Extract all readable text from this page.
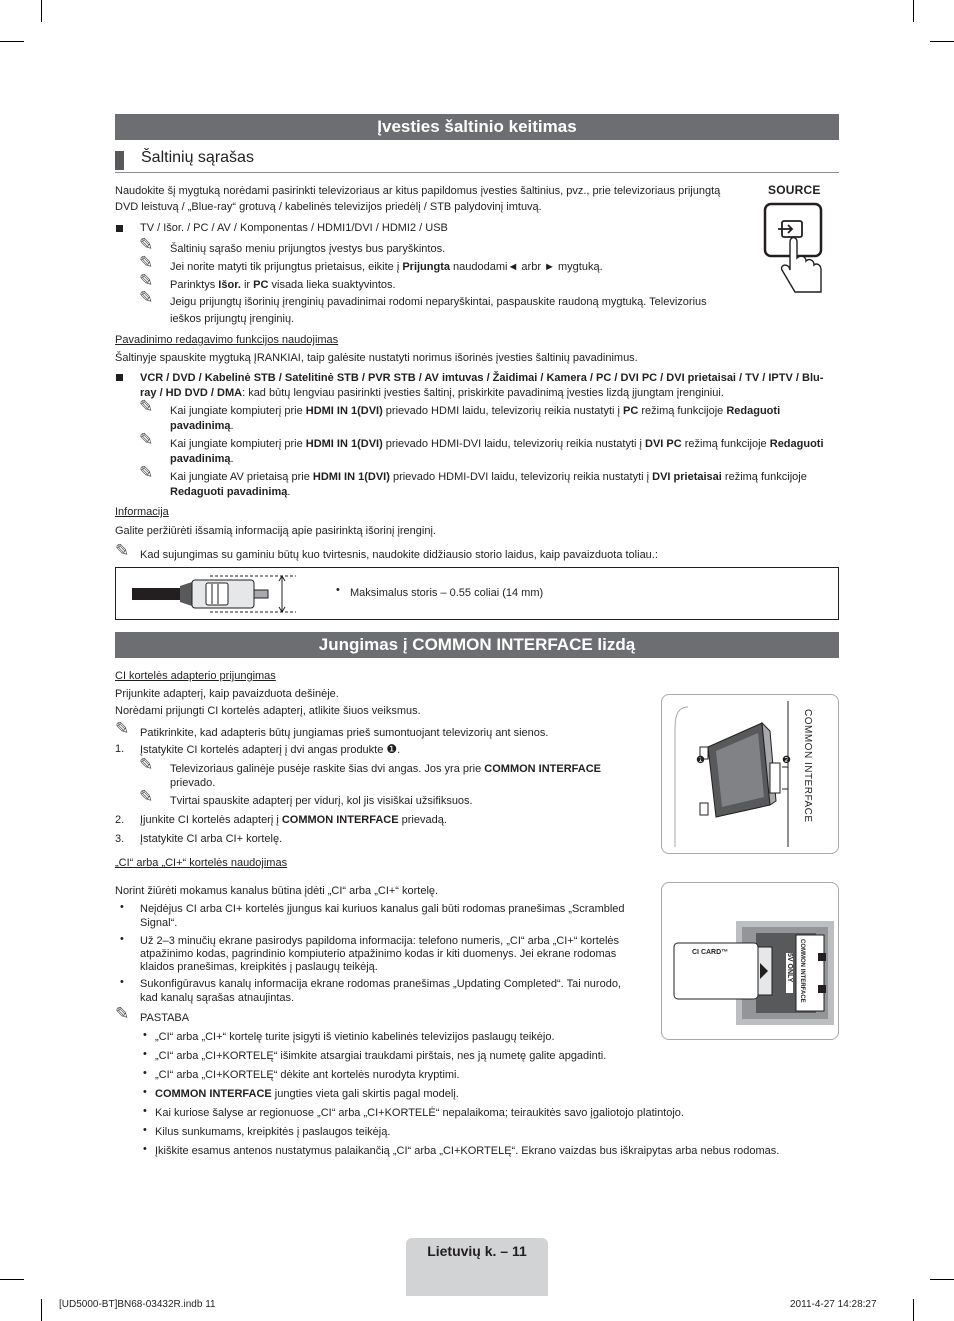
Įvesties šaltinio keitimas
Šaltinių sąrašas
Naudokite šį mygtuką norėdami pasirinkti televizoriaus ar kitus papildomus įvesties šaltinius, pvz., prie televizoriaus prijungtą
DVD leistuvą / „Blue-ray“ grotuvą / kabelinės televizijos priedėlį / STB palydovinį imtuvą.
SOURCE
TV / Išor. / PC / AV / Komponentas / HDMI1/DVI / HDMI2 / USB
✎ Šaltinių sąrašo meniu prijungtos įvestys bus paryškintos.
✎ Jei norite matyti tik prijungtus prietaisus, eikite į Prijungta naudodami◄ arbr ► mygtuką.
✎ Parinktys Išor. ir PC visada lieka suaktyvintos.
✎ Jeigu prijungtų išorinių įrenginių pavadinimai rodomi neparyškintai, paspauskite raudoną mygtuką. Televizorius
ieškos prijungtų įrenginių.
Pavadinimo redagavimo funkcijos naudojimas
Šaltinyje spauskite mygtuką ĮRANKIAI, taip galėsite nustatyti norimus išorinės įvesties šaltinių pavadinimus.
VCR / DVD / Kabelinė STB / Satelitinė STB / PVR STB / AV imtuvas / Žaidimai / Kamera / PC / DVI PC / DVI prietaisai / TV / IPTV / Blu-
ray / HD DVD / DMA: kad būtų lengviau pasirinkti įvesties šaltinį, priskirkite pavadinimą įvesties lizdą įjungtam įrenginiui.
✎ Kai jungiate kompiuterį prie HDMI IN 1(DVI) prievado HDMI laidu, televizorių reikia nustatyti į PC režimą funkcijoje Redaguoti
pavadinimą.
✎ Kai jungiate kompiuterį prie HDMI IN 1(DVI) prievado HDMI-DVI laidu, televizorių reikia nustatyti į DVI PC režimą funkcijoje Redaguoti
pavadinimą.
✎ Kai jungiate AV prietaisą prie HDMI IN 1(DVI) prievado HDMI-DVI laidu, televizorių reikia nustatyti į DVI prietaisai režimą funkcijoje
Redaguoti pavadinimą.
Informacija
Galite peržiūrėti išsamią informaciją apie pasirinktą išorinį įrenginį.
✎ Kad sujungimas su gaminiu būtų kuo tvirtesnis, naudokite didžiausio storio laidus, kaip pavaizduota toliau.:
• Maksimalus storis – 0.55 coliai (14 mm)
Jungimas į COMMON INTERFACE lizdą
CI kortelės adapterio prijungimas
Prijunkite adapterį, kaip pavaizduota dešinėje.
Norėdami prijungti CI kortelės adapterį, atlikite šiuos veiksmus.
✎ Patikrinkite, kad adapteris būtų jungiamas prieš sumontuojant televizorių ant sienos.
1. Įstatykite CI kortelės adapterį į dvi angas produkte ❶.
✎ Televizoriaus galinėje pusėje raskite šias dvi angas. Jos yra prie COMMON INTERFACE
prievado.
✎ Tvirtai spauskite adapterį per vidurį, kol jis visiškai užsifiksuos.
2. Įjunkite CI kortelės adapterį į COMMON INTERFACE prievadą.
3. Įstatykite CI arba CI+ kortelę.
❶	❷	COMMON INTERFACE
„CI“ arba „CI+“ kortelės naudojimas
Norint žiūrėti mokamus kanalus būtina įdėti „CI“ arba „CI+“ kortelę.
• Neįdėjus CI arba CI+ kortelės įjungus kai kuriuos kanalus gali būti rodomas pranešimas „Scrambled
Signal“.
• Už 2–3 minučių ekrane pasirodys papildoma informacija: telefono numeris, „CI“ arba „CI+“ kortelės
atpažinimo kodas, pagrindinio kompiuterio atpažinimo kodas ir kiti duomenys. Jei ekrane rodomas
klaidos pranešimas, kreipkitės į paslaugų teikėją.
• Sukonfigūravus kanalų informacija ekrane rodomas pranešimas „Updating Completed“. Tai nurodo,
kad kanalų sąrašas atnaujintas.
CI CARD™	COMMON INTERFACE
5V ONLY
✎ PASTABA
• „CI“ arba „CI+“ kortelę turite įsigyti iš vietinio kabelinės televizijos paslaugų teikėjo.
• „CI“ arba „CI+KORTELĘ“ išimkite atsargiai traukdami pirštais, nes ją numetę galite apgadinti.
• „CI“ arba „CI+KORTELĘ“ dėkite ant kortelės nurodyta kryptimi.
• COMMON INTERFACE jungties vieta gali skirtis pagal modelį.
• Kai kuriose šalyse ar regionuose „CI“ arba „CI+KORTELĖ“ nepalaikoma; teiraukitės savo įgaliotojo platintojo.
• Kilus sunkumams, kreipkitės į paslaugos teikėją.
• Įkiškite esamus antenos nustatymus palaikančią „CI“ arba „CI+KORTELĘ“. Ekrano vaizdas bus iškraipytas arba nebus rodomas.
Lietuvių k. – 11
[UD5000-BT]BN68-03432R.indb 11	2011-4-27 14:28:27
